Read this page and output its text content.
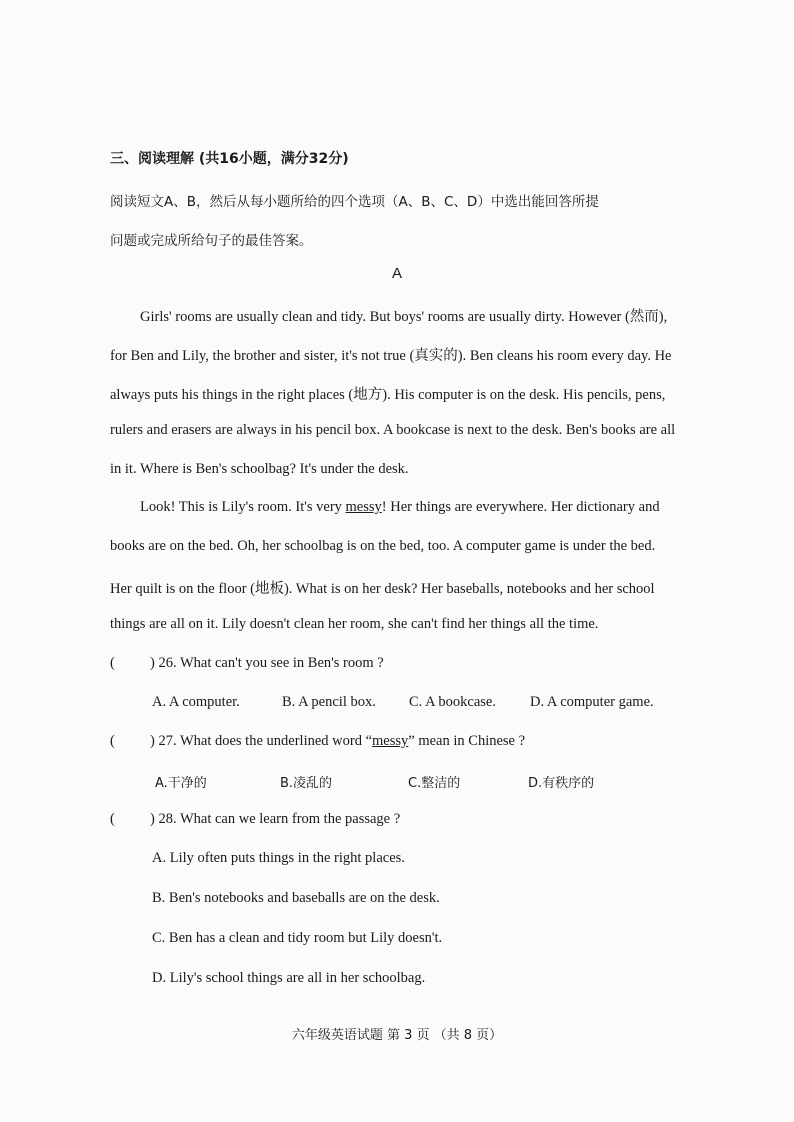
三、阅读理解 (共16小题，满分32分)
阅读短文A、B，然后从每小题所给的四个选项（A、B、C、D）中选出能回答所提
问题或完成所给句子的最佳答案。
A
Girls' rooms are usually clean and tidy. But boys' rooms are usually dirty. However (然而),
for Ben and Lily, the brother and sister, it's not true (真实的). Ben cleans his room every day. He
always puts his things in the right places (地方). His computer is on the desk. His pencils, pens,
rulers and erasers are always in his pencil box. A bookcase is next to the desk. Ben's books are all
in it. Where is Ben's schoolbag? It's under the desk.
Look! This is Lily's room. It's very messy! Her things are everywhere. Her dictionary and
books are on the bed. Oh, her schoolbag is on the bed, too. A computer game is under the bed.
Her quilt is on the floor (地板). What is on her desk? Her baseballs, notebooks and her school
things are all on it. Lily doesn't clean her room, she can't find her things all the time.
( ) 26. What can't you see in Ben's room ?
A. A computer.	B. A pencil box. C. A bookcase. D. A computer game.
( ) 27. What does the underlined word “messy” mean in Chinese ?
A.干净的	B.凌乱的	C.整洁的	D.有秩序的
( ) 28. What can we learn from the passage ?
A. Lily often puts things in the right places.
B. Ben's notebooks and baseballs are on the desk.
C. Ben has a clean and tidy room but Lily doesn't.
D. Lily's school things are all in her schoolbag.
六年级英语试题 第 3 页 （共 8 页）
